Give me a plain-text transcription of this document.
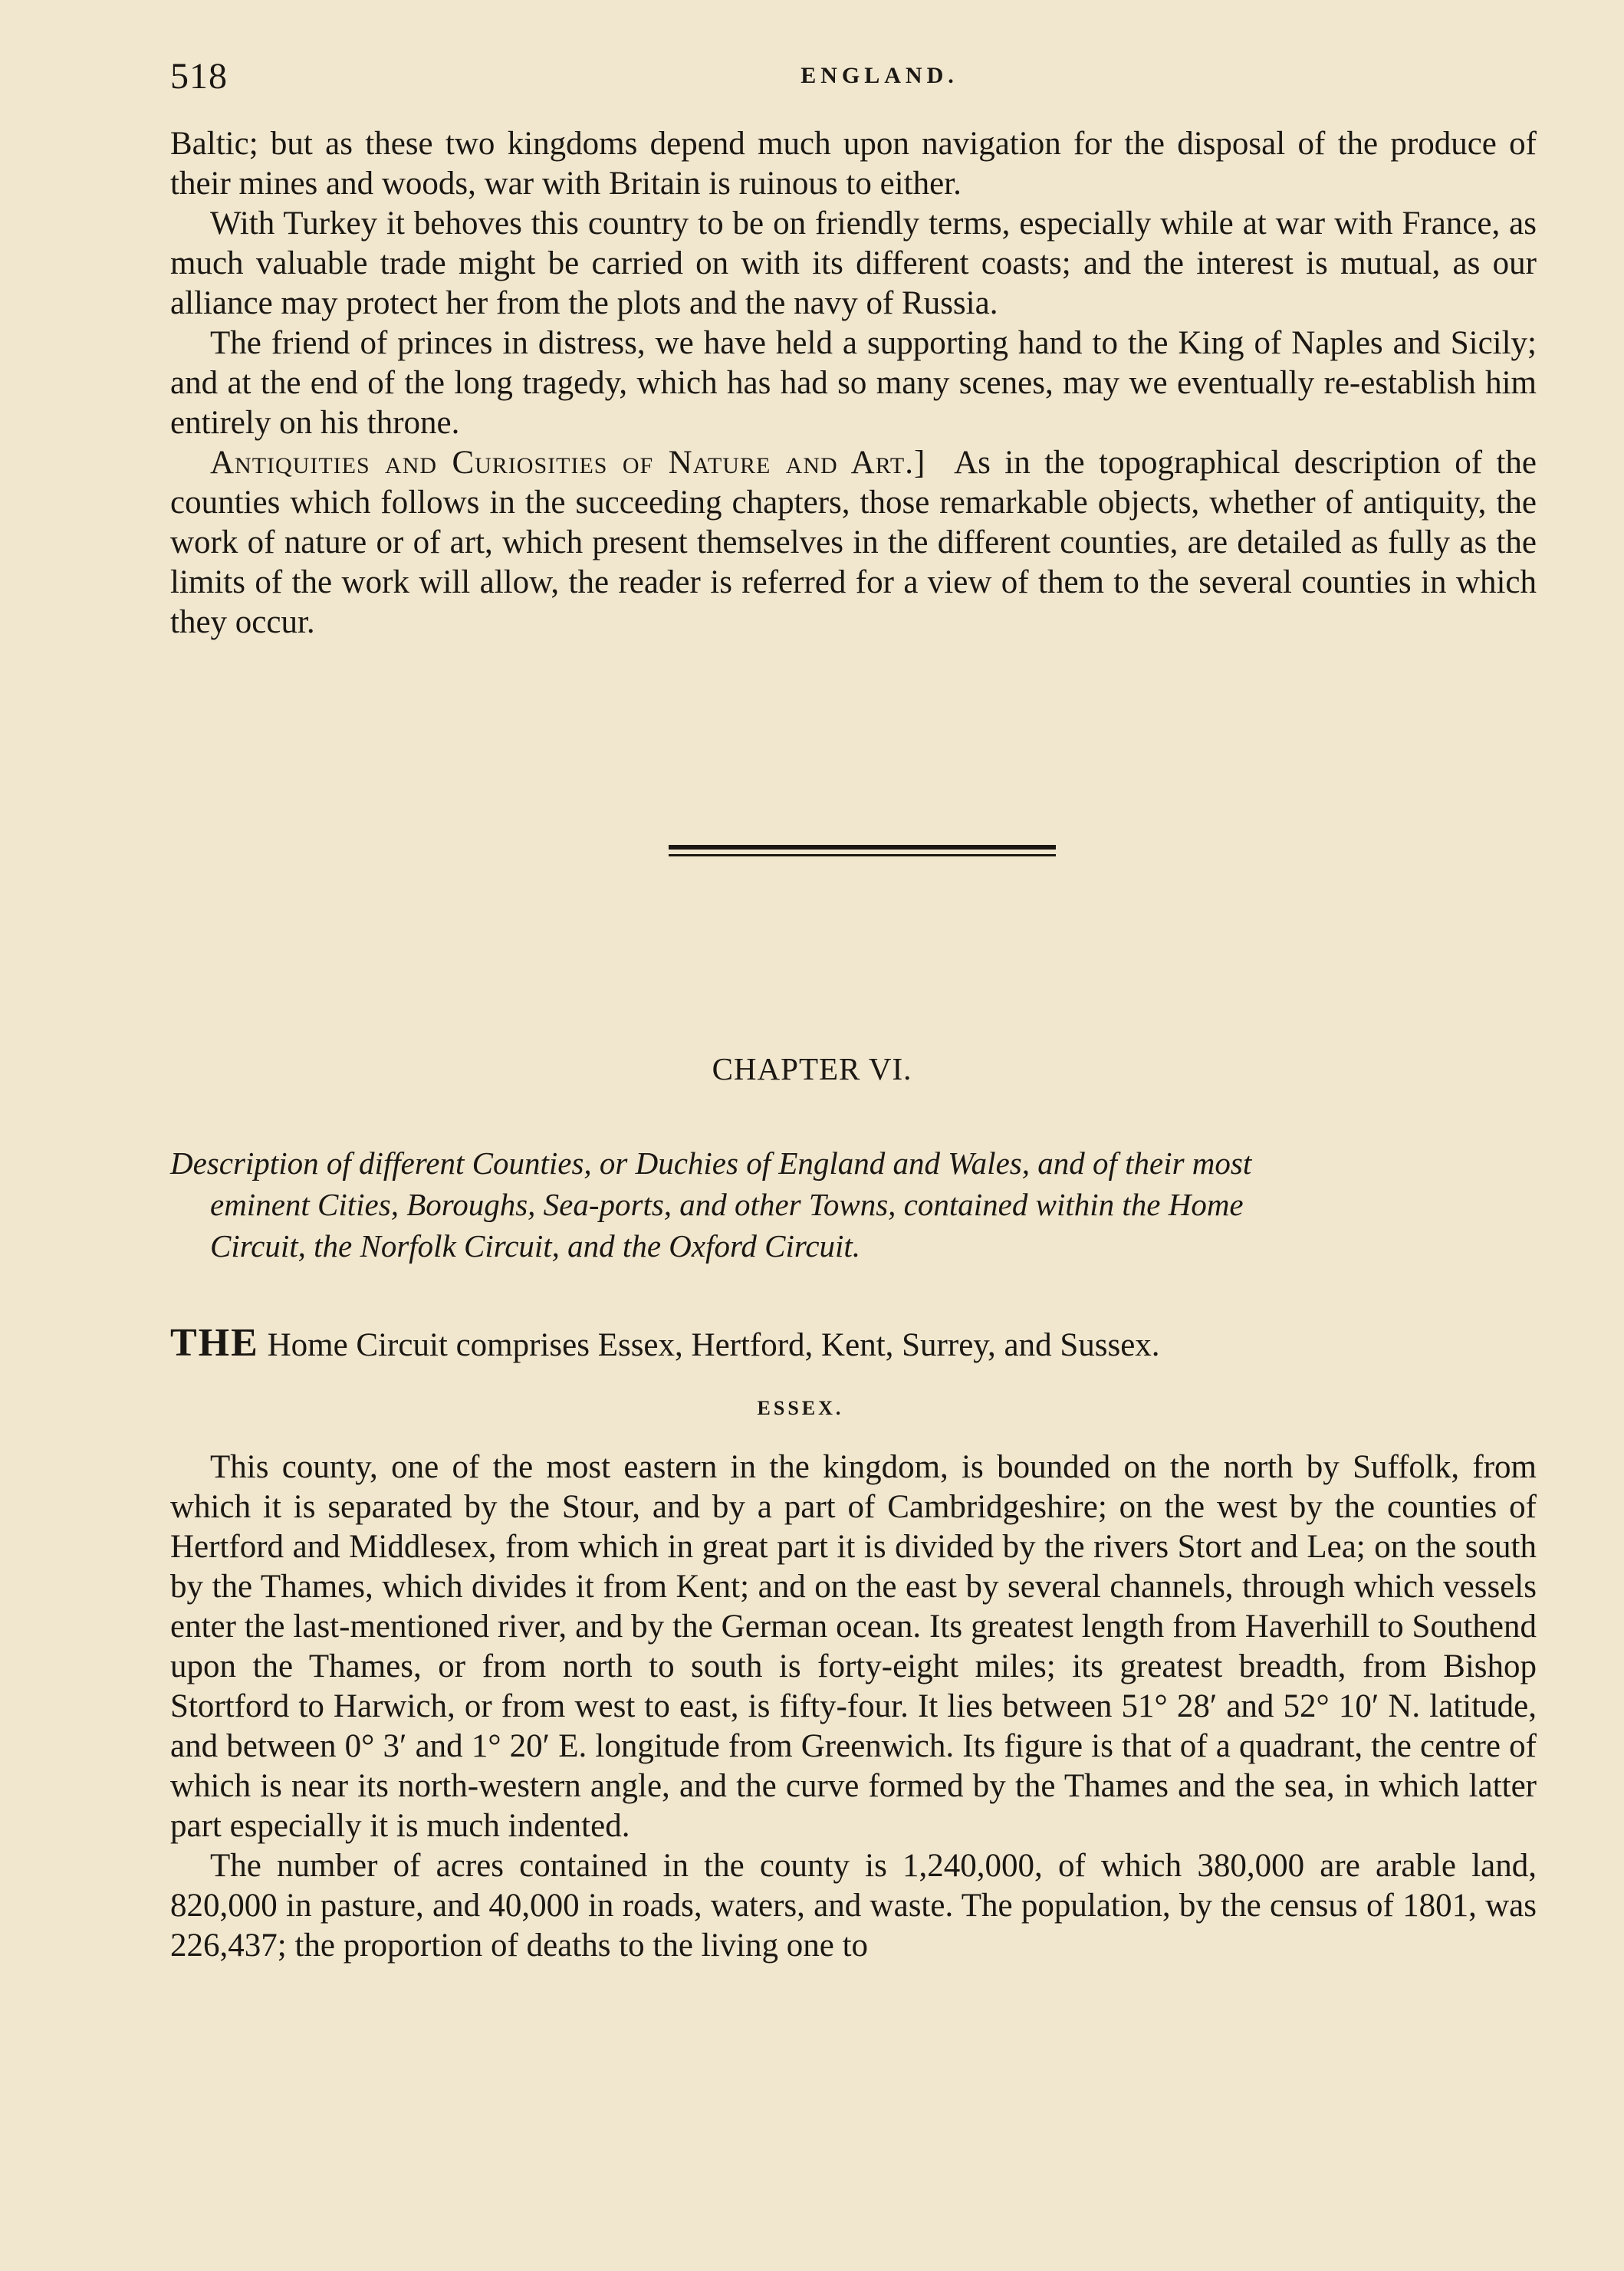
518	ENGLAND.

Baltic; but as these two kingdoms depend much upon navigation for the disposal of the produce of their mines and woods, war with Britain is ruinous to either.

With Turkey it behoves this country to be on friendly terms, especially while at war with France, as much valuable trade might be carried on with its different coasts; and the interest is mutual, as our alliance may protect her from the plots and the navy of Russia.

The friend of princes in distress, we have held a supporting hand to the King of Naples and Sicily; and at the end of the long tragedy, which has had so many scenes, may we eventually re-establish him entirely on his throne.

Antiquities and Curiosities of Nature and Art.] As in the topographical description of the counties which follows in the succeeding chapters, those remarkable objects, whether of antiquity, the work of nature or of art, which present themselves in the different counties, are detailed as fully as the limits of the work will allow, the reader is referred for a view of them to the several counties in which they occur.

CHAPTER VI.
Description of different Counties, or Duchies of England and Wales, and of their most
eminent Cities, Boroughs, Sea-ports, and other Towns, contained within the Home
Circuit, the Norfolk Circuit, and the Oxford Circuit.
THE Home Circuit comprises Essex, Hertford, Kent, Surrey, and Sussex.
ESSEX.

This county, one of the most eastern in the kingdom, is bounded on the north by Suffolk, from which it is separated by the Stour, and by a part of Cambridgeshire; on the west by the counties of Hertford and Middlesex, from which in great part it is divided by the rivers Stort and Lea; on the south by the Thames, which divides it from Kent; and on the east by several channels, through which vessels enter the last-mentioned river, and by the German ocean. Its greatest length from Haverhill to Southend upon the Thames, or from north to south is forty-eight miles; its greatest breadth, from Bishop Stortford to Harwich, or from west to east, is fifty-four. It lies between 51° 28′ and 52° 10′ N. latitude, and between 0° 3′ and 1° 20′ E. longitude from Greenwich. Its figure is that of a quadrant, the centre of which is near its north-western angle, and the curve formed by the Thames and the sea, in which latter part especially it is much indented.

The number of acres contained in the county is 1,240,000, of which 380,000 are arable land, 820,000 in pasture, and 40,000 in roads, waters, and waste. The population, by the census of 1801, was 226,437; the proportion of deaths to the living one to
